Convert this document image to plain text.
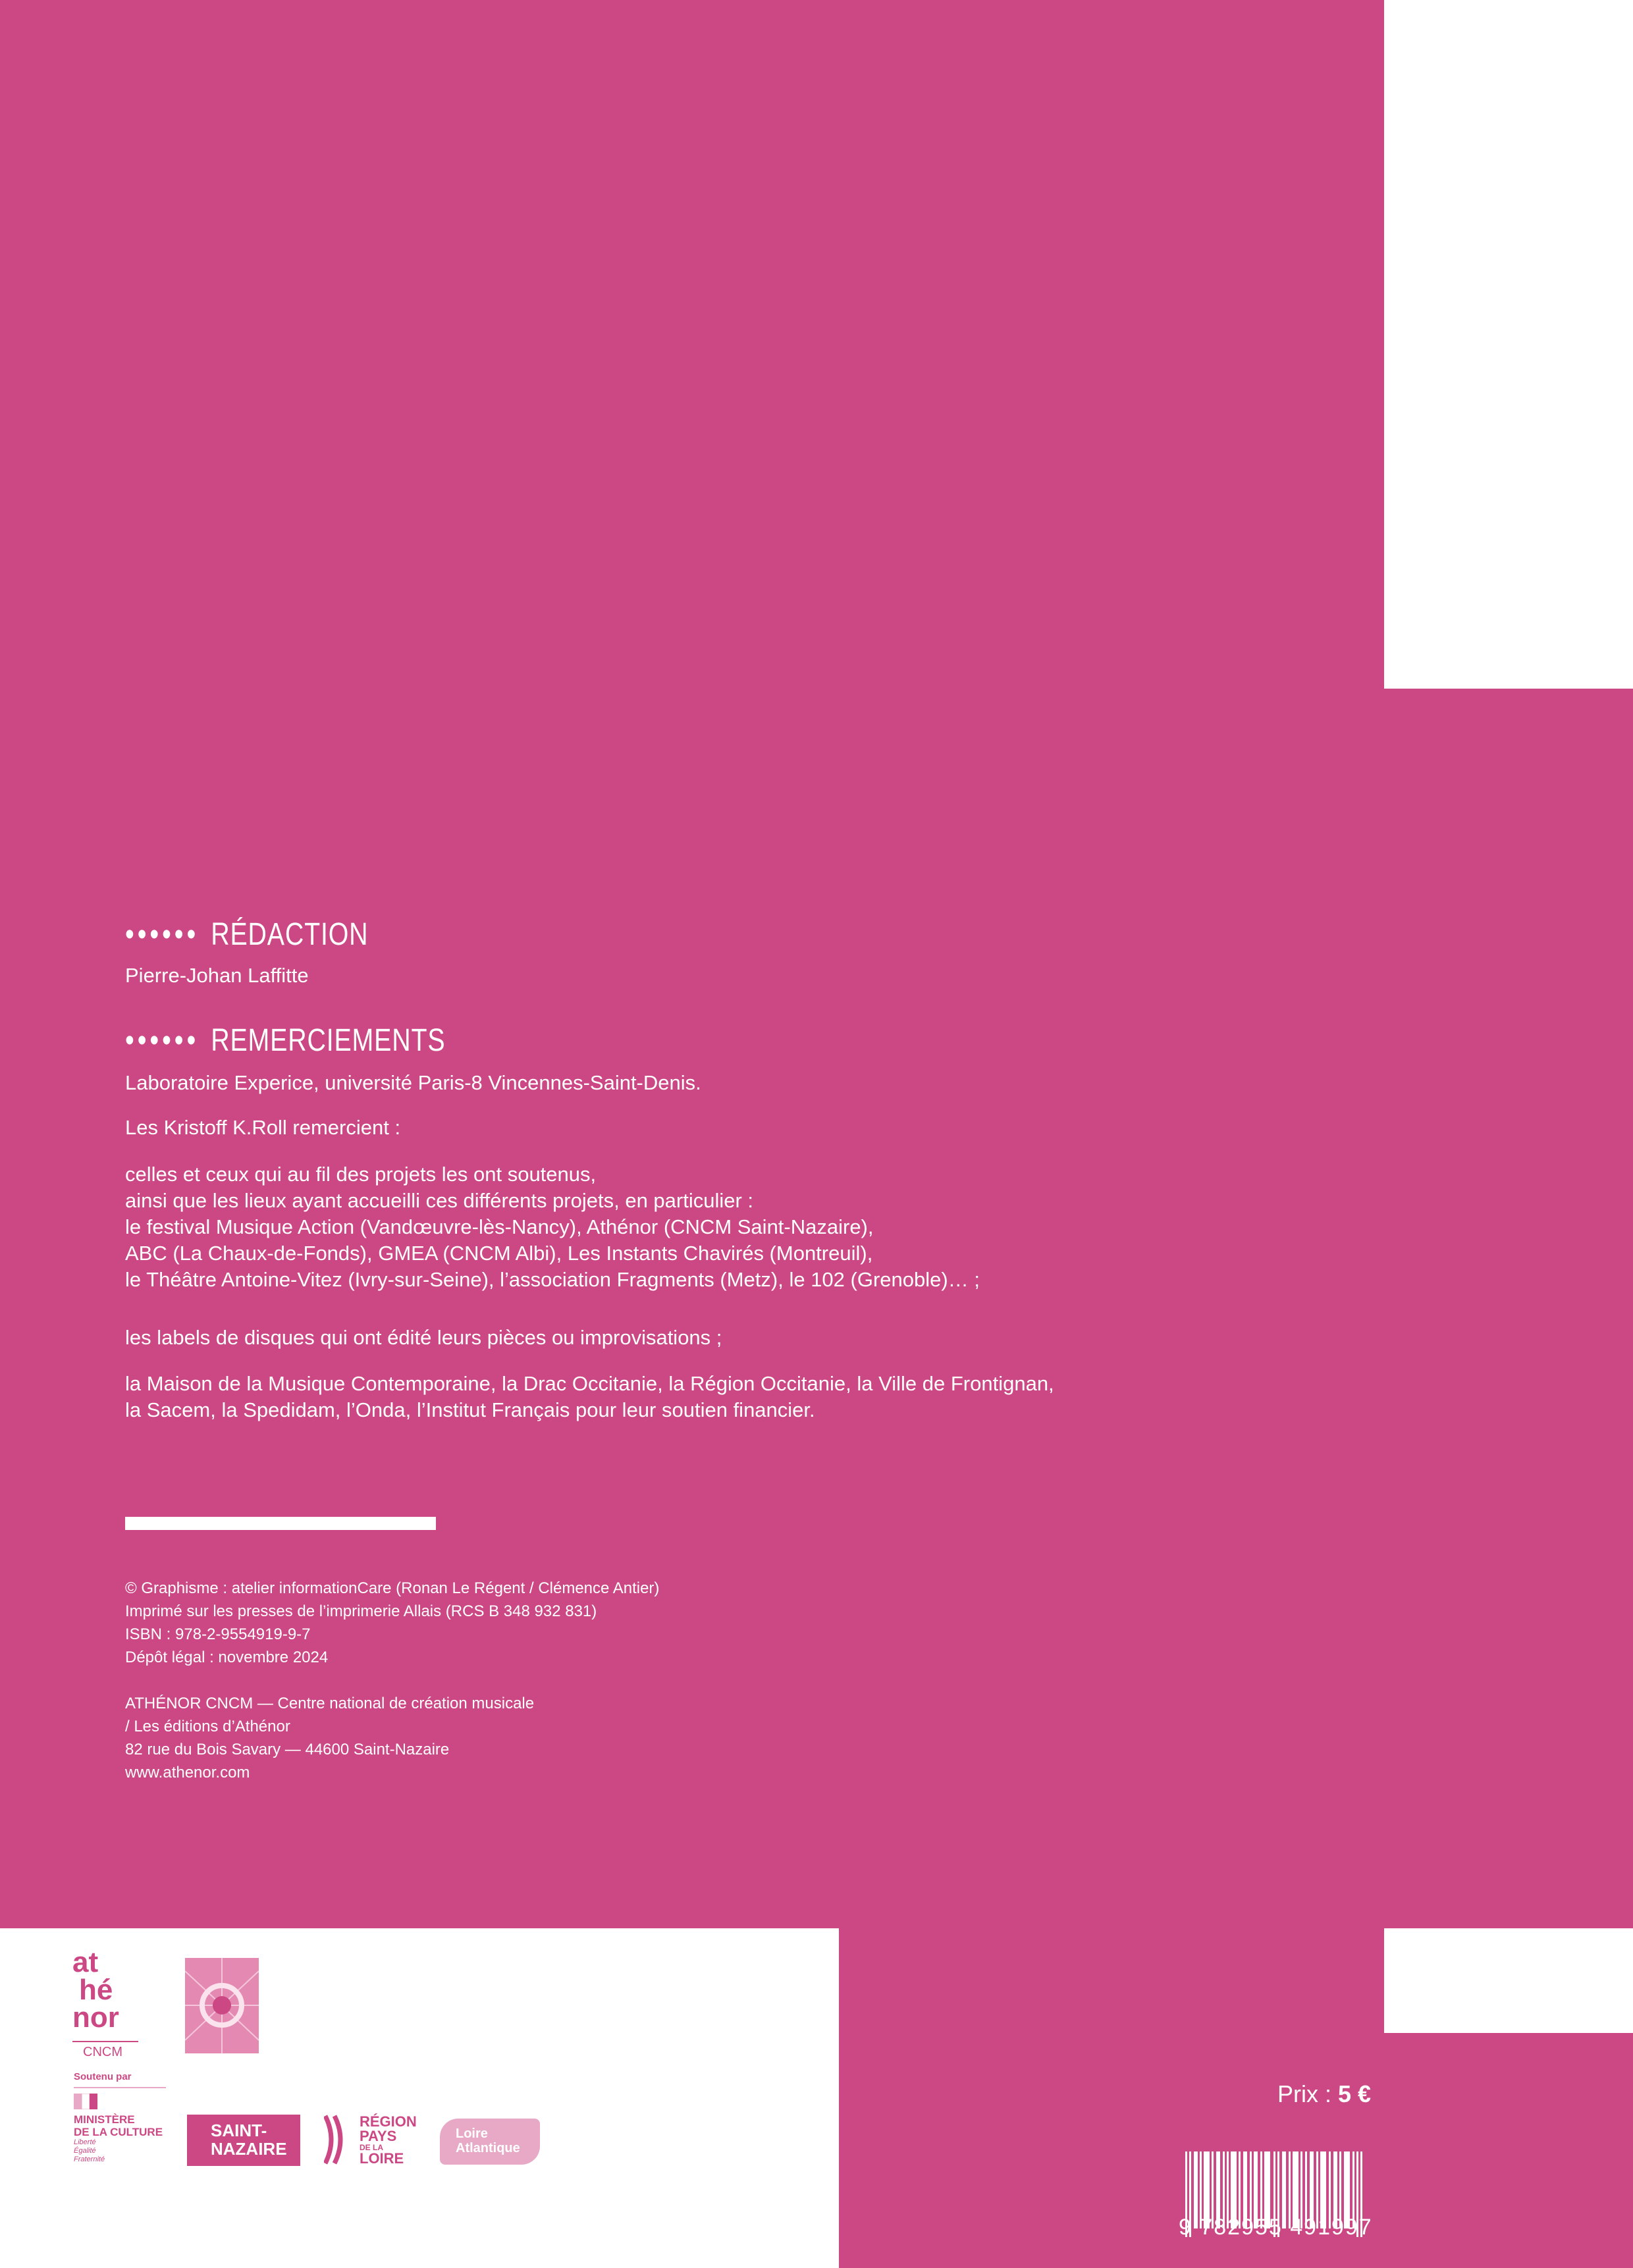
•••••• RÉDACTION
Pierre-Johan Laffitte
•••••• REMERCIEMENTS
Laboratoire Experice, université Paris-8 Vincennes-Saint-Denis.
Les Kristoff K.Roll remercient :
celles et ceux qui au fil des projets les ont soutenus,
ainsi que les lieux ayant accueilli ces différents projets, en particulier :
le festival Musique Action (Vandœuvre-lès-Nancy), Athénor (CNCM Saint-Nazaire),
ABC (La Chaux-de-Fonds), GMEA (CNCM Albi), Les Instants Chavirés (Montreuil),
le Théâtre Antoine-Vitez (Ivry-sur-Seine), l’association Fragments (Metz), le 102 (Grenoble)… ;
les labels de disques qui ont édité leurs pièces ou improvisations ;
la Maison de la Musique Contemporaine, la Drac Occitanie, la Région Occitanie, la Ville de Frontignan,
la Sacem, la Spedidam, l’Onda, l’Institut Français pour leur soutien financier.
© Graphisme : atelier informationCare (Ronan Le Régent / Clémence Antier)
Imprimé sur les presses de l’imprimerie Allais (RCS B 348 932 831)
ISBN : 978-2-9554919-9-7
Dépôt légal : novembre 2024
ATHÉNOR CNCM — Centre national de création musicale
/ Les éditions d’Athénor
82 rue du Bois Savary — 44600 Saint-Nazaire
www.athenor.com
at
hé
nor
CNCM
Soutenu par
MINISTÈRE
DE LA CULTURE
Liberté
Égalité
Fraternité
SAINT-
NAZAIRE
RÉGION
PAYS
DE LA
LOIRE
Loire
Atlantique
Prix : 5 €
9 782955 491997
